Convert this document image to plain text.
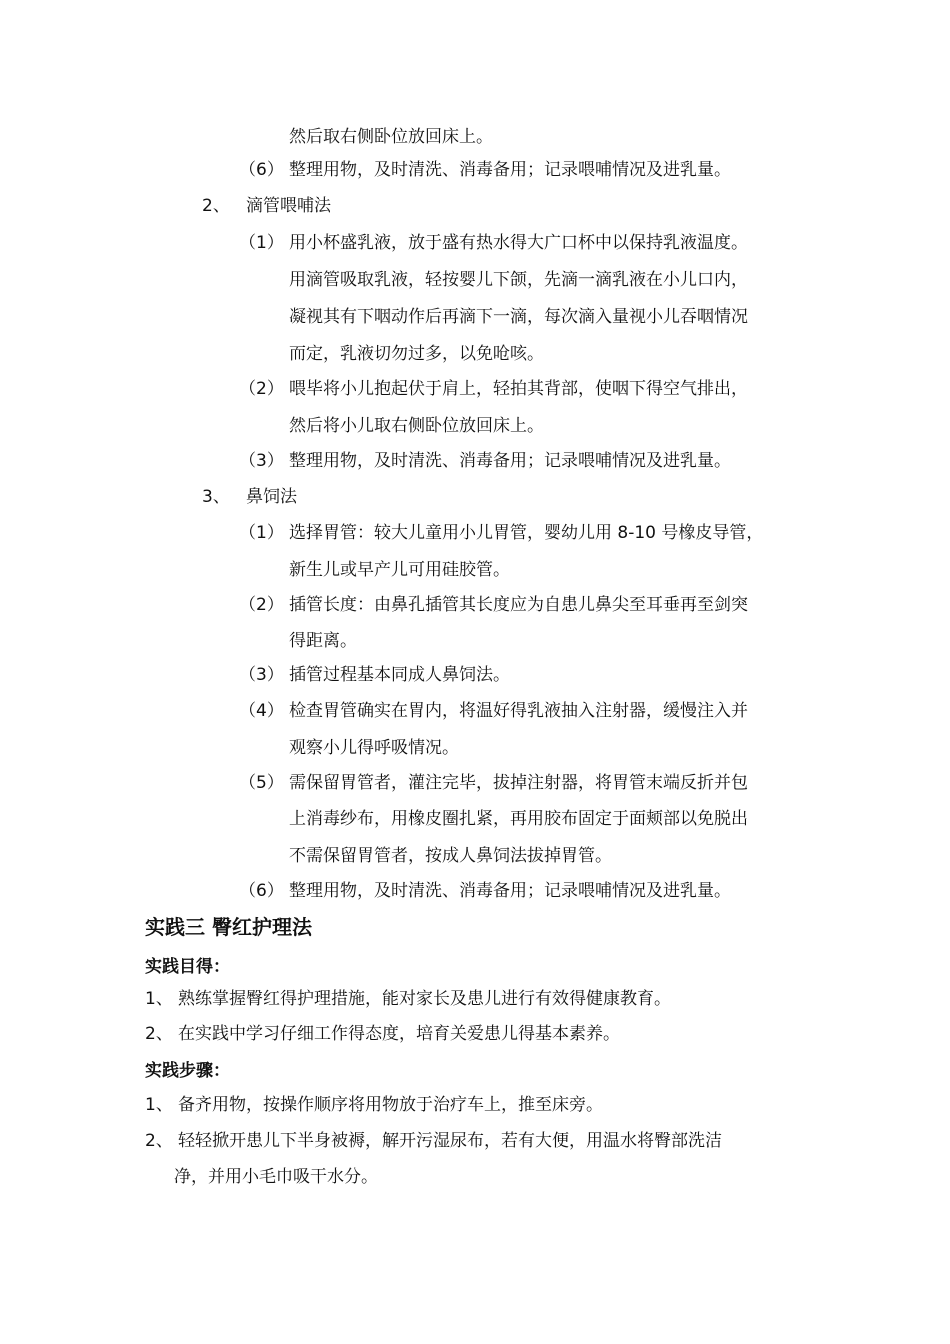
然后取右侧卧位放回床上。
（6） 整理用物，及时清洗、消毒备用；记录喂哺情况及进乳量。
2、 滴管喂哺法
（1） 用小杯盛乳液，放于盛有热水得大广口杯中以保持乳液温度。
用滴管吸取乳液，轻按婴儿下颌，先滴一滴乳液在小儿口内，
凝视其有下咽动作后再滴下一滴，每次滴入量视小儿吞咽情况
而定，乳液切勿过多，以免呛咳。
（2） 喂毕将小儿抱起伏于肩上，轻拍其背部，使咽下得空气排出，
然后将小儿取右侧卧位放回床上。
（3） 整理用物，及时清洗、消毒备用；记录喂哺情况及进乳量。
3、 鼻饲法
（1） 选择胃管：较大儿童用小儿胃管，婴幼儿用 8-10 号橡皮导管，
新生儿或早产儿可用硅胶管。
（2） 插管长度：由鼻孔插管其长度应为自患儿鼻尖至耳垂再至剑突
得距离。
（3） 插管过程基本同成人鼻饲法。
（4） 检查胃管确实在胃内，将温好得乳液抽入注射器，缓慢注入并
观察小儿得呼吸情况。
（5） 需保留胃管者，灌注完毕，拔掉注射器，将胃管末端反折并包
上消毒纱布，用橡皮圈扎紧，再用胶布固定于面颊部以免脱出
不需保留胃管者，按成人鼻饲法拔掉胃管。
（6） 整理用物，及时清洗、消毒备用；记录喂哺情况及进乳量。
实践三 臀红护理法
实践目得：
1、 熟练掌握臀红得护理措施，能对家长及患儿进行有效得健康教育。
2、 在实践中学习仔细工作得态度，培育关爱患儿得基本素养。
实践步骤：
1、 备齐用物，按操作顺序将用物放于治疗车上，推至床旁。
2、 轻轻掀开患儿下半身被褥，解开污湿尿布，若有大便，用温水将臀部洗洁
净，并用小毛巾吸干水分。
